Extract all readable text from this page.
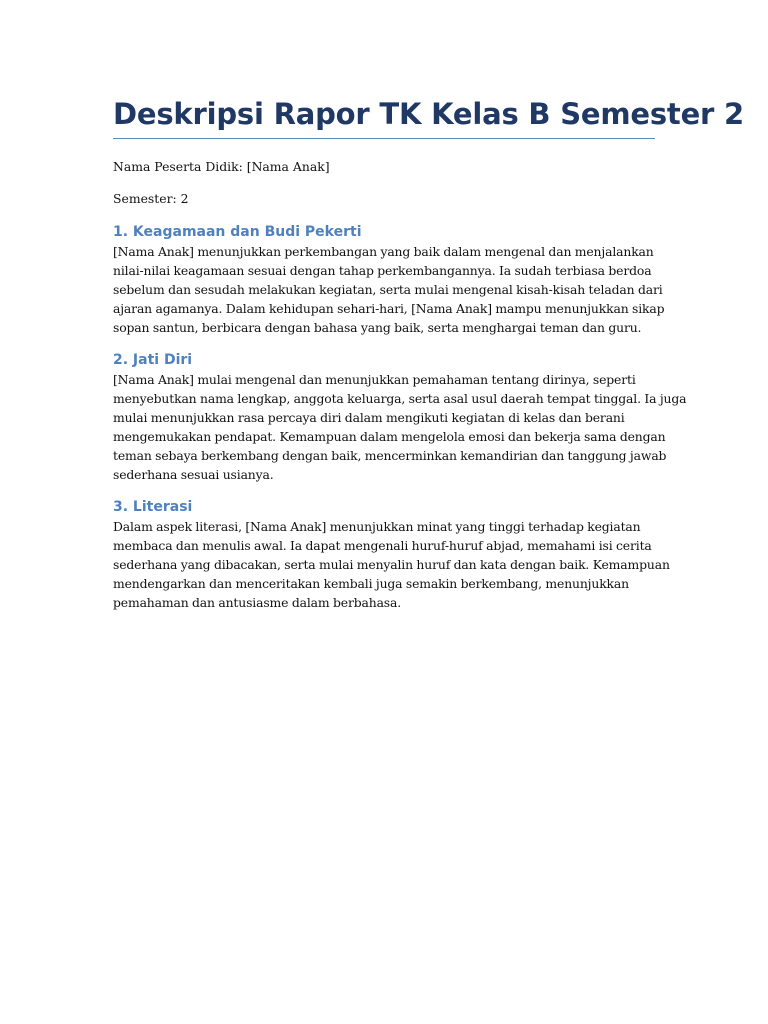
Deskripsi Rapor TK Kelas B Semester 2

Nama Peserta Didik: [Nama Anak]

Semester: 2

1. Keagamaan dan Budi Pekerti

[Nama Anak] menunjukkan perkembangan yang baik dalam mengenal dan menjalankan
nilai-nilai keagamaan sesuai dengan tahap perkembangannya. Ia sudah terbiasa berdoa
sebelum dan sesudah melakukan kegiatan, serta mulai mengenal kisah-kisah teladan dari
ajaran agamanya. Dalam kehidupan sehari-hari, [Nama Anak] mampu menunjukkan sikap
sopan santun, berbicara dengan bahasa yang baik, serta menghargai teman dan guru.

2. Jati Diri

[Nama Anak] mulai mengenal dan menunjukkan pemahaman tentang dirinya, seperti
menyebutkan nama lengkap, anggota keluarga, serta asal usul daerah tempat tinggal. Ia juga
mulai menunjukkan rasa percaya diri dalam mengikuti kegiatan di kelas dan berani
mengemukakan pendapat. Kemampuan dalam mengelola emosi dan bekerja sama dengan
teman sebaya berkembang dengan baik, mencerminkan kemandirian dan tanggung jawab
sederhana sesuai usianya.

3. Literasi

Dalam aspek literasi, [Nama Anak] menunjukkan minat yang tinggi terhadap kegiatan
membaca dan menulis awal. Ia dapat mengenali huruf-huruf abjad, memahami isi cerita
sederhana yang dibacakan, serta mulai menyalin huruf dan kata dengan baik. Kemampuan
mendengarkan dan menceritakan kembali juga semakin berkembang, menunjukkan
pemahaman dan antusiasme dalam berbahasa.
